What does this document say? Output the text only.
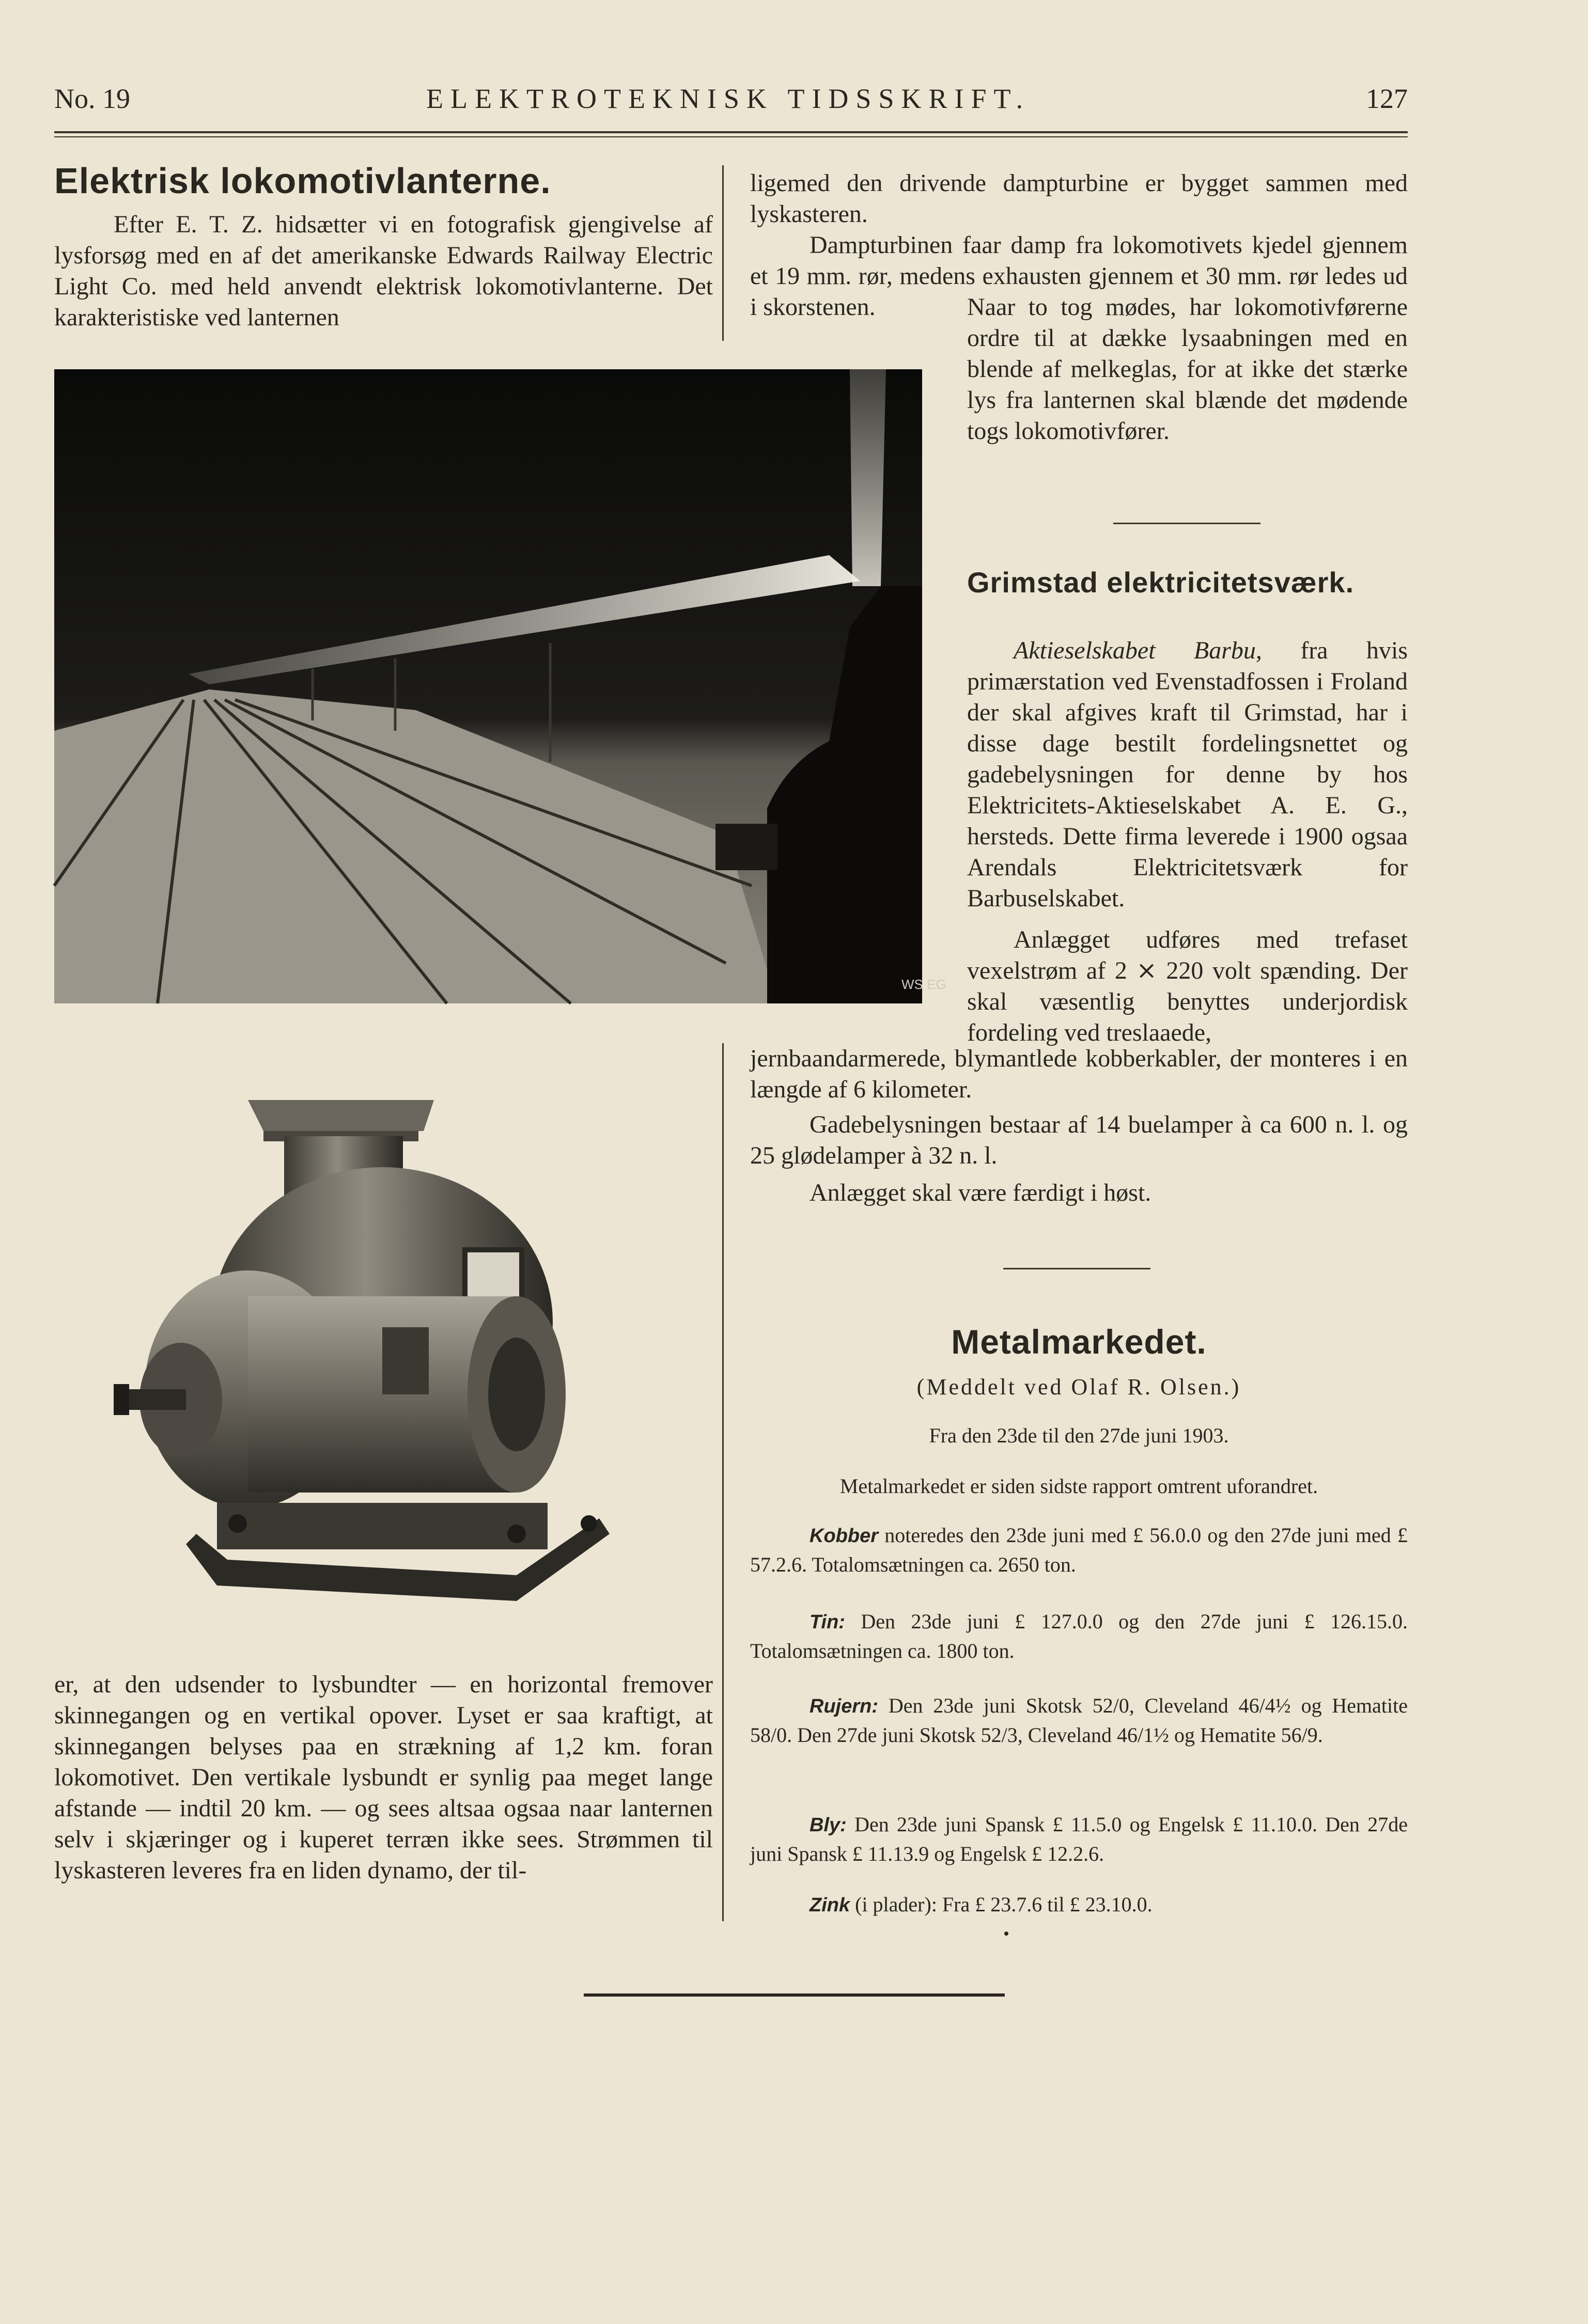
No. 19	ELEKTROTEKNISK TIDSSKRIFT.	127
Elektrisk lokomotivlanterne.
Efter E. T. Z. hidsætter vi en fotografisk gjengivelse af lysforsøg med en af det amerikanske Edwards Railway Electric Light Co. med held anvendt elektrisk lokomotivlanterne. Det karakteristiske ved lanternen
ligemed den drivende dampturbine er bygget sammen med lyskasteren.
Dampturbinen faar damp fra lokomotivets kjedel gjennem et 19 mm. rør, medens exhausten gjennem et 30 mm. rør ledes ud i skorstenen.	Naar to tog mødes, har lokomotivførerne ordre til at dække lysaabningen med en blende af melkeglas, for at ikke det stærke lys fra lanternen skal blænde det mødende togs lokomotivfører.
WS EG
Grimstad elektricitetsværk.
Aktieselskabet Barbu, fra hvis primærstation ved Evenstadfossen i Froland der skal afgives kraft til Grimstad, har i disse dage bestilt fordelingsnettet og gadebelysningen for denne by hos Elektricitets-Aktieselskabet A. E. G., hersteds. Dette firma leverede i 1900 ogsaa Arendals Elektricitetsværk for Barbuselskabet.
Anlægget udføres med trefaset vexelstrøm af 2 ⨯ 220 volt spænding. Der skal væsentlig benyttes underjordisk fordeling ved treslaaede,
jernbaandarmerede, blymantlede kobberkabler, der monteres i en længde af 6 kilometer.
Gadebelysningen bestaar af 14 buelamper à ca 600 n. l. og 25 glødelamper à 32 n. l.
Anlægget skal være færdigt i høst.
Metalmarkedet.
(Meddelt ved Olaf R. Olsen.)
Fra den 23de til den 27de juni 1903.
Metalmarkedet er siden sidste rapport omtrent uforandret.
Kobber noteredes den 23de juni med £ 56.0.0 og den 27de juni med £ 57.2.6. Totalomsætningen ca. 2650 ton.
Tin: Den 23de juni £ 127.0.0 og den 27de juni £ 126.15.0. Totalomsætningen ca. 1800 ton.
Rujern: Den 23de juni Skotsk 52/0, Cleveland 46/4½ og Hematite 58/0. Den 27de juni Skotsk 52/3, Cleveland 46/1½ og Hematite 56/9.
Bly: Den 23de juni Spansk £ 11.5.0 og Engelsk £ 11.10.0. Den 27de juni Spansk £ 11.13.9 og Engelsk £ 12.2.6.
Zink (i plader): Fra £ 23.7.6 til £ 23.10.0.
er, at den udsender to lysbundter — en horizontal fremover skinnegangen og en vertikal opover. Lyset er saa kraftigt, at skinnegangen belyses paa en strækning af 1,2 km. foran lokomotivet. Den vertikale lysbundt er synlig paa meget lange afstande — indtil 20 km. — og sees altsaa ogsaa naar lanternen selv i skjæringer og i kuperet terræn ikke sees. Strømmen til lyskasteren leveres fra en liden dynamo, der til-
